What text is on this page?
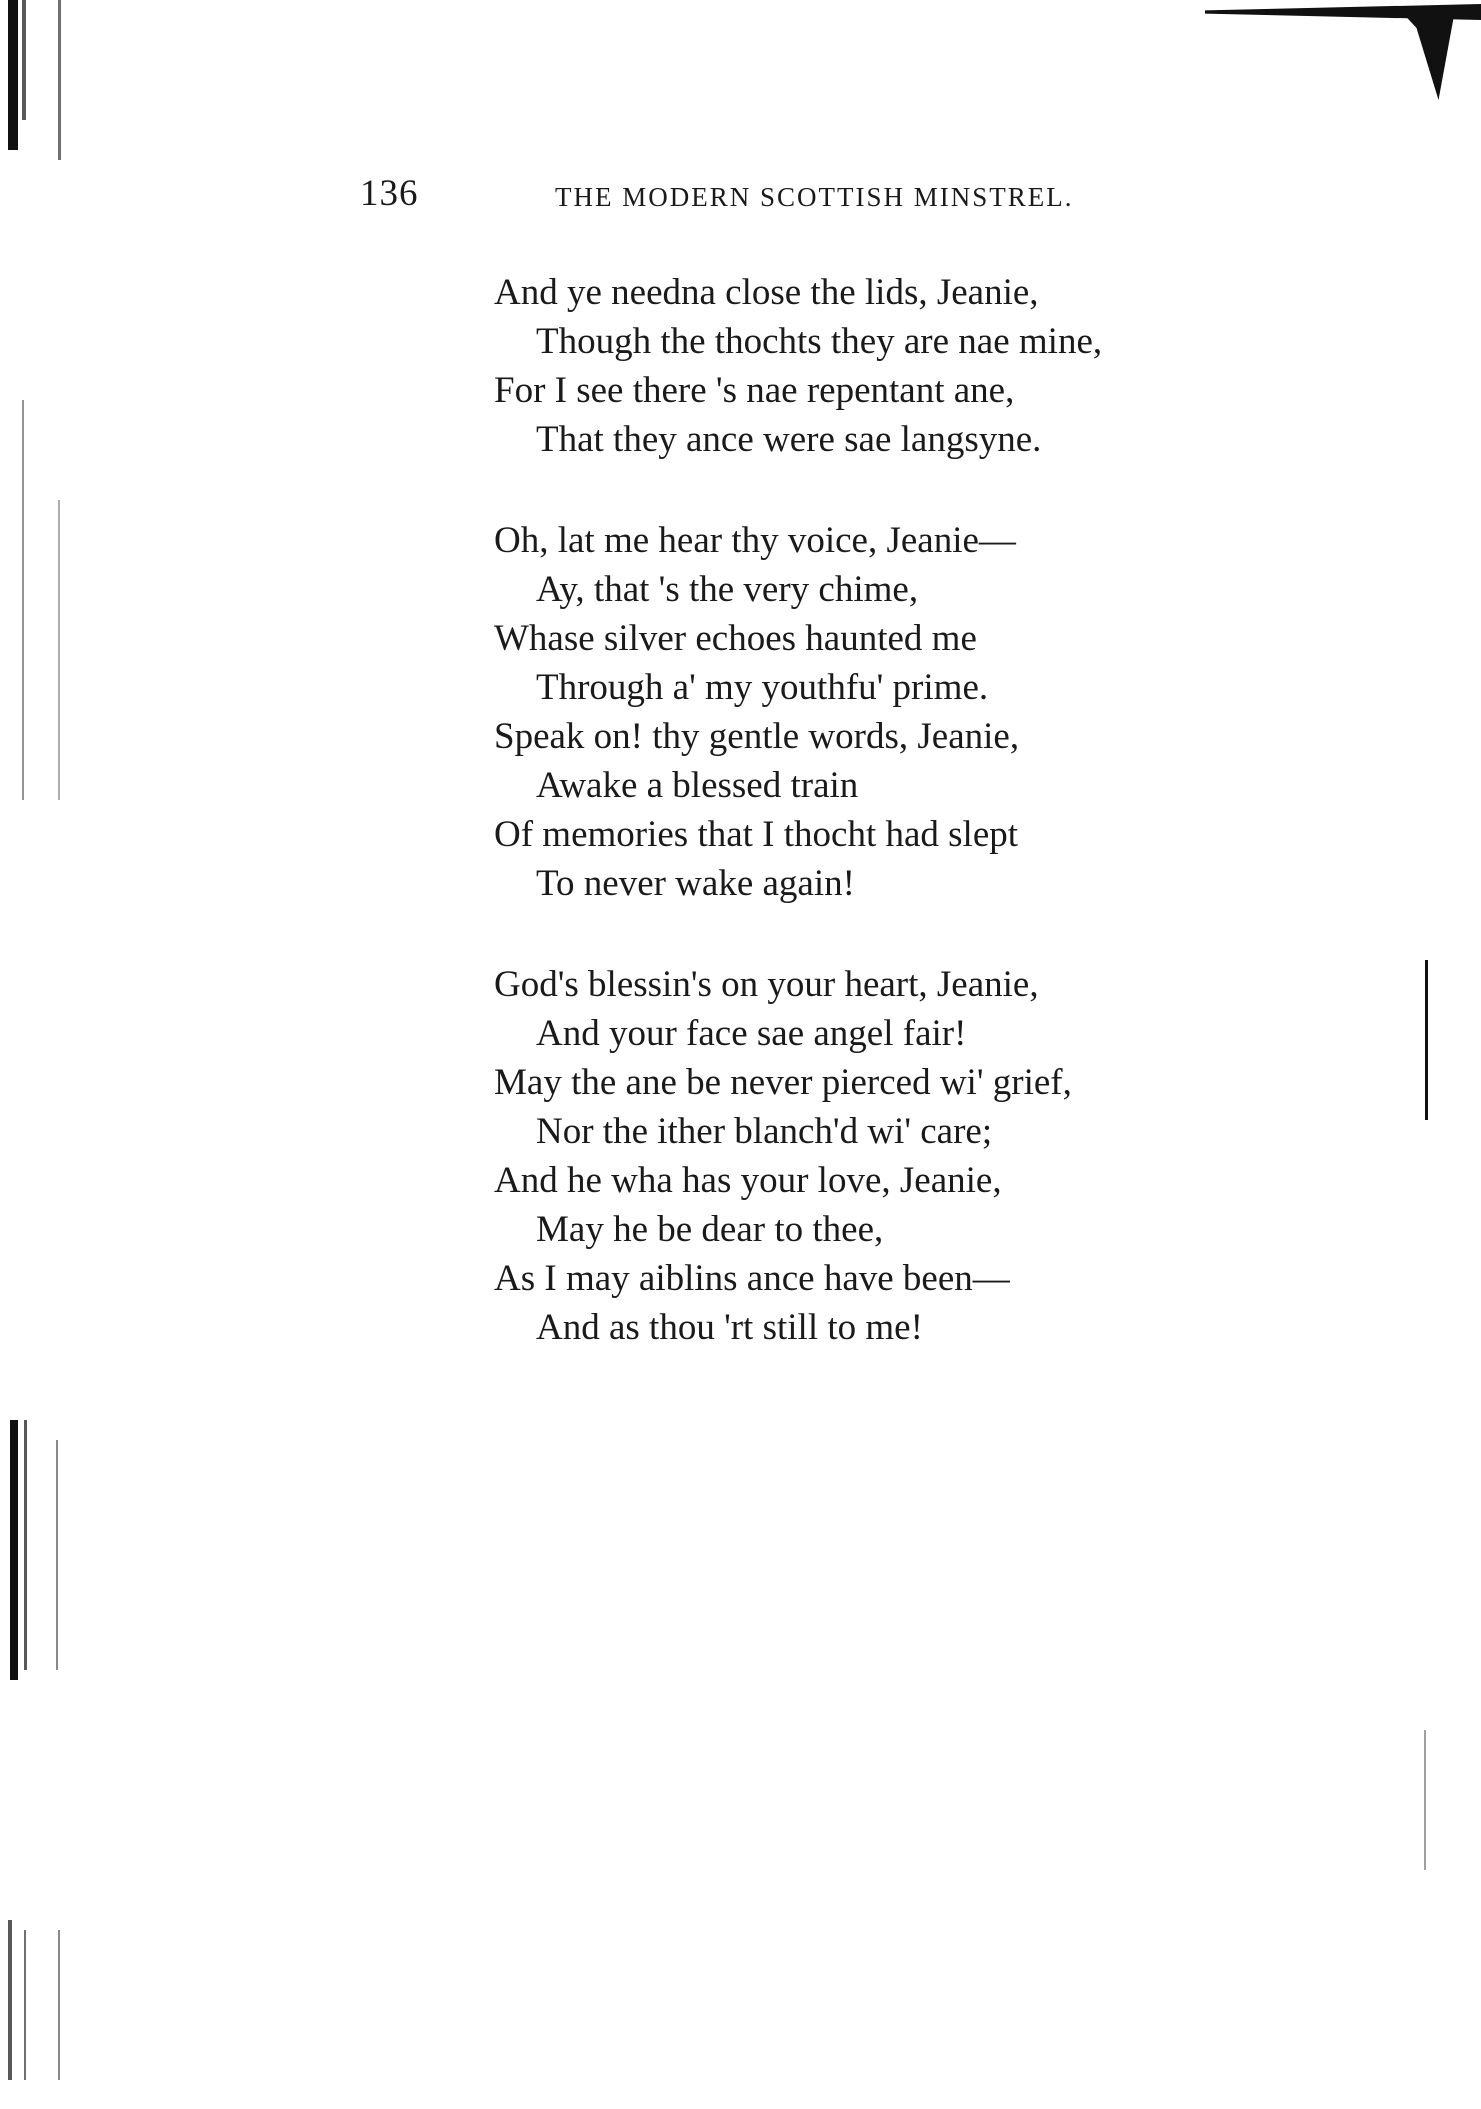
136	THE MODERN SCOTTISH MINSTREL.
And ye needna close the lids, Jeanie,
Though the thochts they are nae mine,
For I see there 's nae repentant ane,
That they ance were sae langsyne.
Oh, lat me hear thy voice, Jeanie—
Ay, that 's the very chime,
Whase silver echoes haunted me
Through a' my youthfu' prime.
Speak on! thy gentle words, Jeanie,
Awake a blessed train
Of memories that I thocht had slept
To never wake again!
God's blessin's on your heart, Jeanie,
And your face sae angel fair!
May the ane be never pierced wi' grief,
Nor the ither blanch'd wi' care;
And he wha has your love, Jeanie,
May he be dear to thee,
As I may aiblins ance have been—
And as thou 'rt still to me!
